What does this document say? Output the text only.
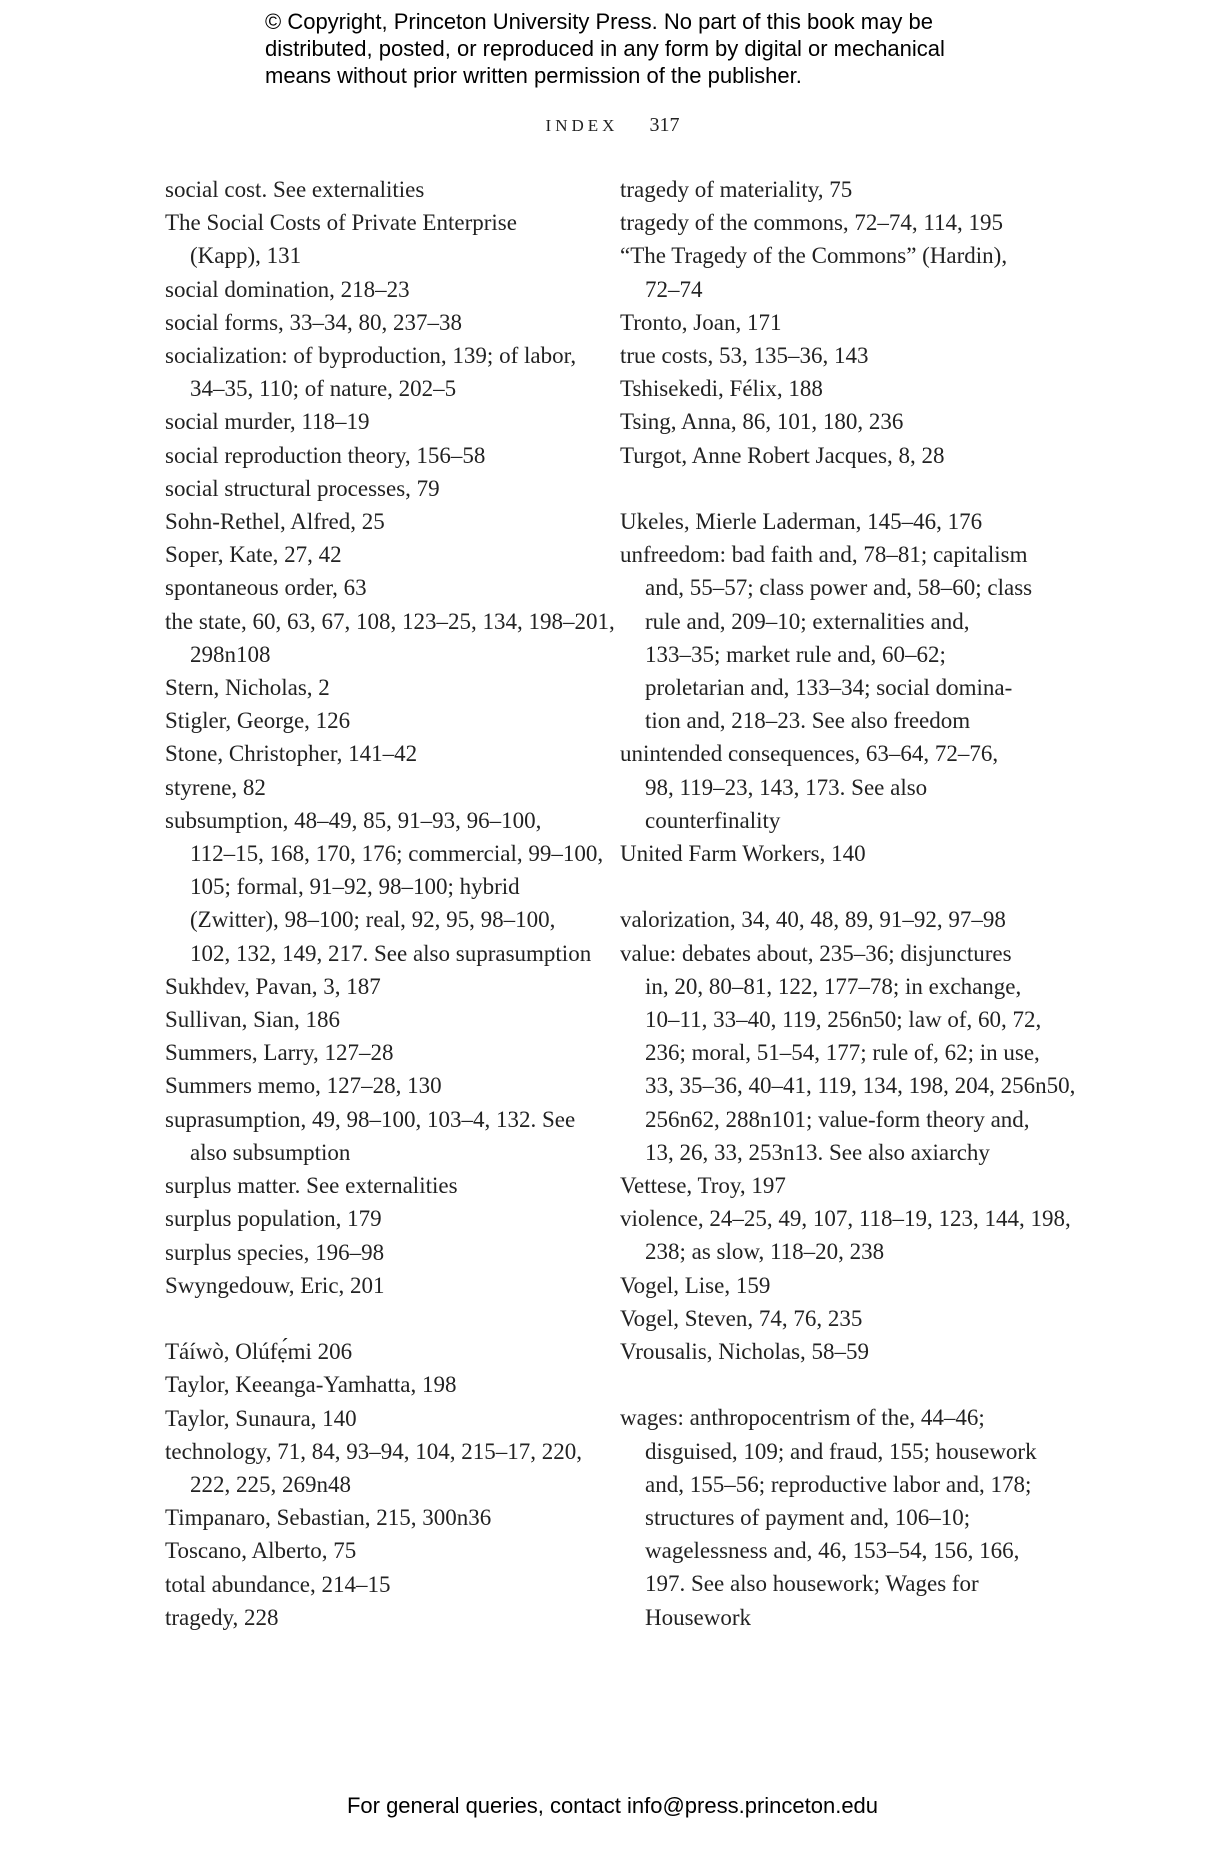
© Copyright, Princeton University Press. No part of this book may be
distributed, posted, or reproduced in any form by digital or mechanical
means without prior written permission of the publisher.
INDEX 317
social cost. See externalities
The Social Costs of Private Enterprise
(Kapp), 131
social domination, 218–23
social forms, 33–34, 80, 237–38
socialization: of byproduction, 139; of labor,
34–35, 110; of nature, 202–5
social murder, 118–19
social reproduction theory, 156–58
social structural processes, 79
Sohn-Rethel, Alfred, 25
Soper, Kate, 27, 42
spontaneous order, 63
the state, 60, 63, 67, 108, 123–25, 134, 198–201,
298n108
Stern, Nicholas, 2
Stigler, George, 126
Stone, Christopher, 141–42
styrene, 82
subsumption, 48–49, 85, 91–93, 96–100,
112–15, 168, 170, 176; commercial, 99–100,
105; formal, 91–92, 98–100; hybrid
(Zwitter), 98–100; real, 92, 95, 98–100,
102, 132, 149, 217. See also suprasumption
Sukhdev, Pavan, 3, 187
Sullivan, Sian, 186
Summers, Larry, 127–28
Summers memo, 127–28, 130
suprasumption, 49, 98–100, 103–4, 132. See
also subsumption
surplus matter. See externalities
surplus population, 179
surplus species, 196–98
Swyngedouw, Eric, 201
Táíwò, Olúfẹ́mi 206
Taylor, Keeanga-Yamhatta, 198
Taylor, Sunaura, 140
technology, 71, 84, 93–94, 104, 215–17, 220,
222, 225, 269n48
Timpanaro, Sebastian, 215, 300n36
Toscano, Alberto, 75
total abundance, 214–15
tragedy, 228
tragedy of materiality, 75
tragedy of the commons, 72–74, 114, 195
“The Tragedy of the Commons” (Hardin),
72–74
Tronto, Joan, 171
true costs, 53, 135–36, 143
Tshisekedi, Félix, 188
Tsing, Anna, 86, 101, 180, 236
Turgot, Anne Robert Jacques, 8, 28
Ukeles, Mierle Laderman, 145–46, 176
unfreedom: bad faith and, 78–81; capitalism
and, 55–57; class power and, 58–60; class
rule and, 209–10; externalities and,
133–35; market rule and, 60–62;
proletarian and, 133–34; social domina-
tion and, 218–23. See also freedom
unintended consequences, 63–64, 72–76,
98, 119–23, 143, 173. See also
counterfinality
United Farm Workers, 140
valorization, 34, 40, 48, 89, 91–92, 97–98
value: debates about, 235–36; disjunctures
in, 20, 80–81, 122, 177–78; in exchange,
10–11, 33–40, 119, 256n50; law of, 60, 72,
236; moral, 51–54, 177; rule of, 62; in use,
33, 35–36, 40–41, 119, 134, 198, 204, 256n50,
256n62, 288n101; value-form theory and,
13, 26, 33, 253n13. See also axiarchy
Vettese, Troy, 197
violence, 24–25, 49, 107, 118–19, 123, 144, 198,
238; as slow, 118–20, 238
Vogel, Lise, 159
Vogel, Steven, 74, 76, 235
Vrousalis, Nicholas, 58–59
wages: anthropocentrism of the, 44–46;
disguised, 109; and fraud, 155; housework
and, 155–56; reproductive labor and, 178;
structures of payment and, 106–10;
wagelessness and, 46, 153–54, 156, 166,
197. See also housework; Wages for
Housework
For general queries, contact info@press.princeton.edu
